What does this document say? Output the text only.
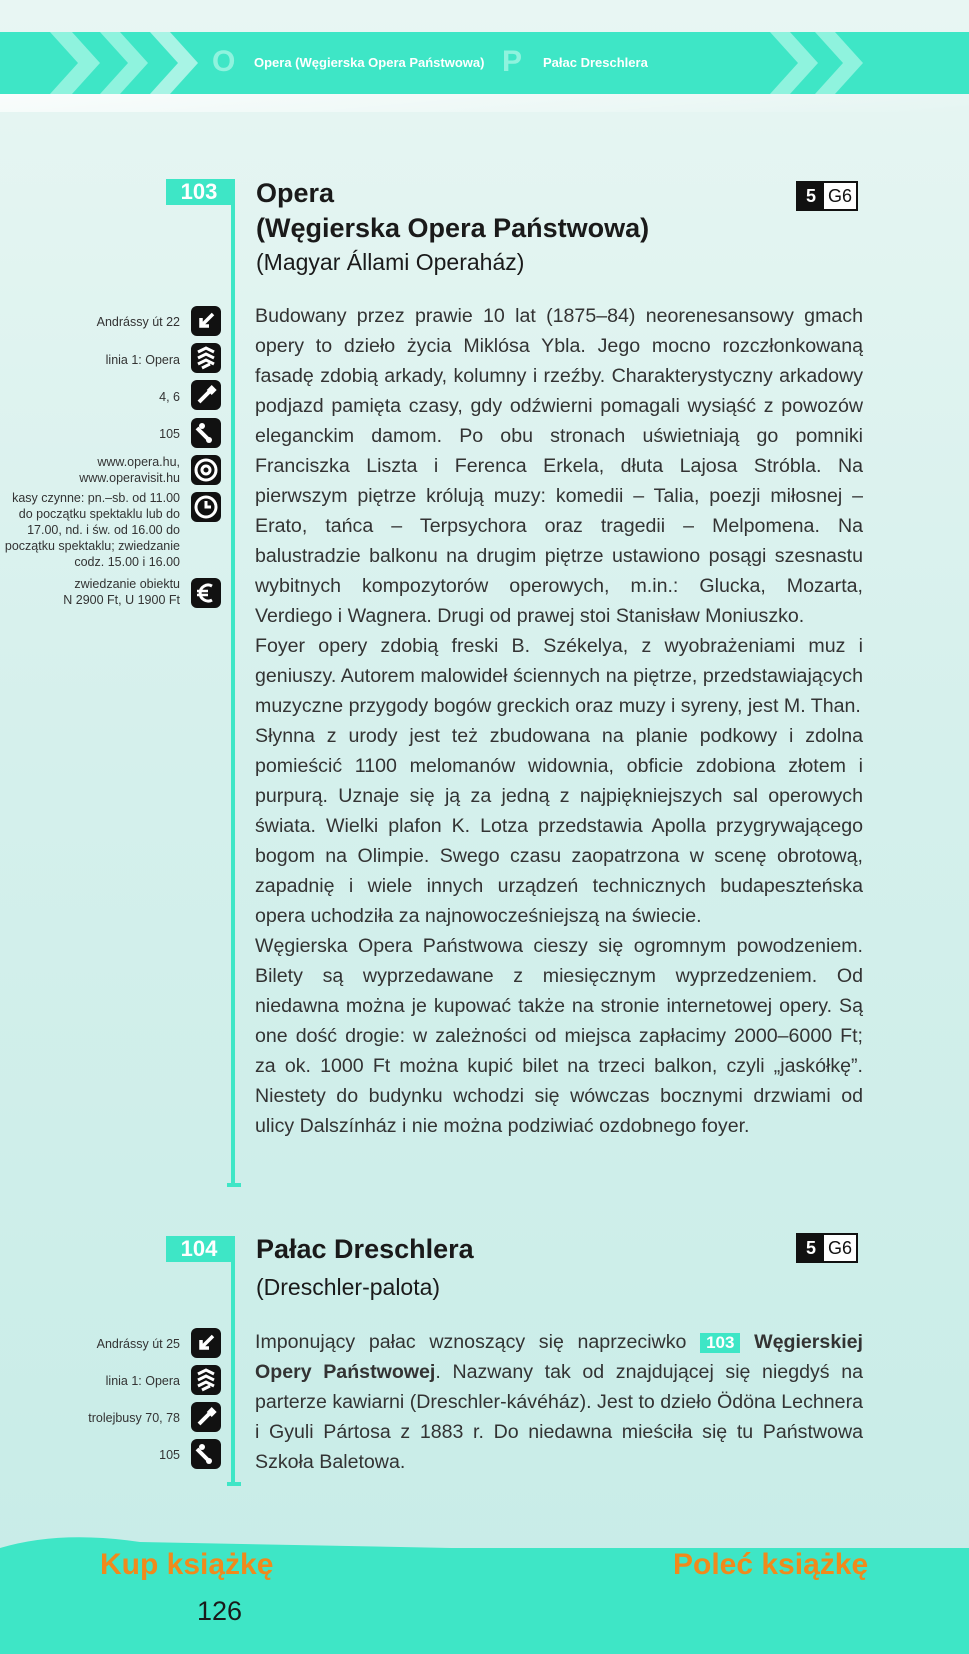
O Opera (Węgierska Opera Państwowa) P Pałac Dreschlera
103	Opera
(Węgierska Opera Państwowa)
(Magyar Állami Operaház)
5 G6
Andrássy út 22
linia 1: Opera
4, 6
105
www.opera.hu,
www.operavisit.hu
kasy czynne: pn.–sb. od 11.00
do początku spektaklu lub do
17.00, nd. i św. od 16.00 do
początku spektaklu; zwiedzanie
codz. 15.00 i 16.00
zwiedzanie obiektu
N 2900 Ft, U 1900 Ft

Budowany przez prawie 10 lat (1875–84) neorenesansowy gmach opery to dzieło życia Miklósa Ybla. Jego mocno rozczłonkowaną fasadę zdobią arkady, kolumny i rzeźby. Charakterystyczny arkadowy podjazd pamięta czasy, gdy odźwierni pomagali wysiąść z powozów eleganckim damom. Po obu stronach uświetniają go pomniki Franciszka Liszta i Ferenca Erkela, dłuta Lajosa Stróbla. Na pierwszym piętrze królują muzy: komedii – Talia, poezji miłosnej – Erato, tańca – Terpsychora oraz tragedii – Melpomena. Na balustradzie balkonu na drugim piętrze ustawiono posągi szesnastu wybitnych kompozytorów operowych, m.in.: Glucka, Mozarta, Verdiego i Wagnera. Drugi od prawej stoi Stanisław Moniuszko.

Foyer opery zdobią freski B. Székelya, z wyobrażeniami muz i geniuszy. Autorem malowideł ściennych na piętrze, przedstawiających muzyczne przygody bogów greckich oraz muzy i syreny, jest M. Than.

Słynna z urody jest też zbudowana na planie podkowy i zdolna pomieścić 1100 melomanów widownia, obficie zdobiona złotem i purpurą. Uznaje się ją za jedną z najpiękniejszych sal operowych świata. Wielki plafon K. Lotza przedstawia Apolla przygrywającego bogom na Olimpie. Swego czasu zaopatrzona w scenę obrotową, zapadnię i wiele innych urządzeń technicznych budapeszteńska opera uchodziła za najnowocześniejszą na świecie.

Węgierska Opera Państwowa cieszy się ogromnym powodzeniem. Bilety są wyprzedawane z miesięcznym wyprzedzeniem. Od niedawna można je kupować także na stronie internetowej opery. Są one dość drogie: w zależności od miejsca zapłacimy 2000–6000 Ft; za ok. 1000 Ft można kupić bilet na trzeci balkon, czyli „jaskółkę”. Niestety do budynku wchodzi się wówczas bocznymi drzwiami od ulicy Dalszínház i nie można podziwiać ozdobnego foyer.

104	Pałac Dreschlera
(Dreschler-palota)
5 G6
Andrássy út 25
linia 1: Opera
trolejbusy 70, 78
105

Imponujący pałac wznoszący się naprzeciwko 103 Węgierskiej Opery Państwowej. Nazwany tak od znajdującej się niegdyś na parterze kawiarni (Dreschler-kávéház). Jest to dzieło Ödöna Lechnera i Gyuli Pártosa z 1883 r. Do niedawna mieściła się tu Państwowa Szkoła Baletowa.

Kup książkę	Poleć książkę
126
